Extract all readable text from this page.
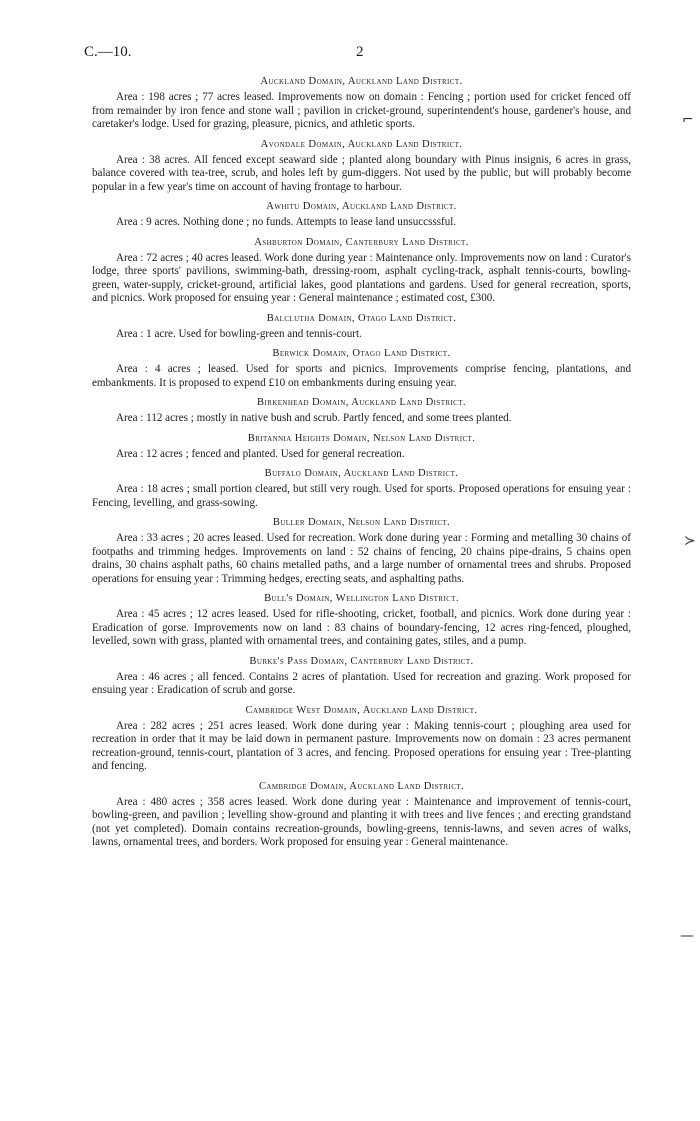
C.—10.	2

Auckland Domain, Auckland Land District.

Area : 198 acres ; 77 acres leased. Improvements now on domain : Fencing ; portion used for cricket fenced off from remainder by iron fence and stone wall ; pavilion in cricket-ground, superintendent's house, gardener's house, and caretaker's lodge. Used for grazing, pleasure, picnics, and athletic sports.

Avondale Domain, Auckland Land District.

Area : 38 acres. All fenced except seaward side ; planted along boundary with Pinus insignis, 6 acres in grass, balance covered with tea-tree, scrub, and holes left by gum-diggers. Not used by the public, but will probably become popular in a few year's time on account of having frontage to harbour.

Awhitu Domain, Auckland Land District.

Area : 9 acres. Nothing done ; no funds. Attempts to lease land unsuccsssful.

Ashburton Domain, Canterbury Land District.

Area : 72 acres ; 40 acres leased. Work done during year : Maintenance only. Improvements now on land : Curator's lodge, three sports' pavilions, swimming-bath, dressing-room, asphalt cycling-track, asphalt tennis-courts, bowling-green, water-supply, cricket-ground, artificial lakes, good plantations and gardens. Used for general recreation, sports, and picnics. Work proposed for ensuing year : General maintenance ; estimated cost, £300.

Balclutha Domain, Otago Land District.

Area : 1 acre. Used for bowling-green and tennis-court.

Berwick Domain, Otago Land District.

Area : 4 acres ; leased. Used for sports and picnics. Improvements comprise fencing, plantations, and embankments. It is proposed to expend £10 on embankments during ensuing year.

Birkenhead Domain, Auckland Land District.

Area : 112 acres ; mostly in native bush and scrub. Partly fenced, and some trees planted.

Britannia Heights Domain, Nelson Land District.

Area : 12 acres ; fenced and planted. Used for general recreation.

Buffalo Domain, Auckland Land District.

Area : 18 acres ; small portion cleared, but still very rough. Used for sports. Proposed operations for ensuing year : Fencing, levelling, and grass-sowing.

Buller Domain, Nelson Land District.

Area : 33 acres ; 20 acres leased. Used for recreation. Work done during year : Forming and metalling 30 chains of footpaths and trimming hedges. Improvements on land : 52 chains of fencing, 20 chains pipe-drains, 5 chains open drains, 30 chains asphalt paths, 60 chains metalled paths, and a large number of ornamental trees and shrubs. Proposed operations for ensuing year : Trimming hedges, erecting seats, and asphalting paths.

Bull's Domain, Wellington Land District.

Area : 45 acres ; 12 acres leased. Used for rifle-shooting, cricket, football, and picnics. Work done during year : Eradication of gorse. Improvements now on land : 83 chains of boundary-fencing, 12 acres ring-fenced, ploughed, levelled, sown with grass, planted with ornamental trees, and containing gates, stiles, and a pump.

Burke's Pass Domain, Canterbury Land District.

Area : 46 acres ; all fenced. Contains 2 acres of plantation. Used for recreation and grazing. Work proposed for ensuing year : Eradication of scrub and gorse.

Cambridge West Domain, Auckland Land District.

Area : 282 acres ; 251 acres leased. Work done during year : Making tennis-court ; ploughing area used for recreation in order that it may be laid down in permanent pasture. Improvements now on domain : 23 acres permanent recreation-ground, tennis-court, plantation of 3 acres, and fencing. Proposed operations for ensuing year : Tree-planting and fencing.

Cambridge Domain, Auckland Land District.

Area : 480 acres ; 358 acres leased. Work done during year : Maintenance and improvement of tennis-court, bowling-green, and pavilion ; levelling show-ground and planting it with trees and live fences ; and erecting grandstand (not yet completed). Domain contains recreation-grounds, bowling-greens, tennis-lawns, and seven acres of walks, lawns, ornamental trees, and borders. Work proposed for ensuing year : General maintenance.

⌐
≻
—
